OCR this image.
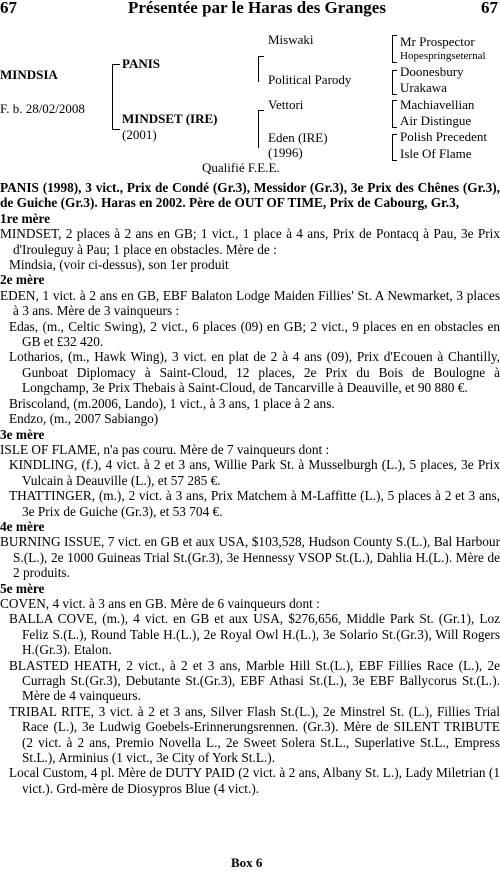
67	Présentée par le Haras des Granges	67
MINDSIA
F. b. 28/02/2008
PANIS
MINDSET (IRE)
(2001)
Miswaki
Political Parody
Vettori
Eden (IRE)
(1996)
Mr Prospector
Hopespringseternal
Doonesbury
Urakawa
Machiavellian
Air Distingue
Polish Precedent
Isle Of Flame
Qualifié F.E.E.

PANIS (1998), 3 vict., Prix de Condé (Gr.3), Messidor (Gr.3), 3e Prix des Chênes (Gr.3), de Guiche (Gr.3). Haras en 2002. Père de OUT OF TIME, Prix de Cabourg, Gr.3,

1re mère

MINDSET, 2 places à 2 ans en GB; 1 vict., 1 place à 4 ans, Prix de Pontacq à Pau, 3e Prix d'Irouleguy à Pau; 1 place en obstacles. Mère de :

Mindsia, (voir ci-dessus), son 1er produit

2e mère

EDEN, 1 vict. à 2 ans en GB, EBF Balaton Lodge Maiden Fillies' St. A Newmarket, 3 places à 3 ans. Mère de 3 vainqueurs :

Edas, (m., Celtic Swing), 2 vict., 6 places (09) en GB; 2 vict., 9 places en en obstacles en GB et £32 420.

Lotharios, (m., Hawk Wing), 3 vict. en plat de 2 à 4 ans (09), Prix d'Ecouen à Chantilly, Gunboat Diplomacy à Saint-Cloud, 12 places, 2e Prix du Bois de Boulogne à Longchamp, 3e Prix Thebais à Saint-Cloud, de Tancarville à Deauville, et 90 880 €.

Briscoland, (m.2006, Lando), 1 vict., à 3 ans, 1 place à 2 ans.

Endzo, (m., 2007 Sabiango)

3e mère

ISLE OF FLAME, n'a pas couru. Mère de 7 vainqueurs dont :

KINDLING, (f.), 4 vict. à 2 et 3 ans, Willie Park St. à Musselburgh (L.), 5 places, 3e Prix Vulcain à Deauville (L.), et 57 285 €.

THATTINGER, (m.), 2 vict. à 3 ans, Prix Matchem à M-Laffitte (L.), 5 places à 2 et 3 ans, 3e Prix de Guiche (Gr.3), et 53 704 €.

4e mère

BURNING ISSUE, 7 vict. en GB et aux USA, $103,528, Hudson County S.(L.), Bal Harbour S.(L.), 2e 1000 Guineas Trial St.(Gr.3), 3e Hennessy VSOP St.(L.), Dahlia H.(L.). Mère de 2 produits.

5e mère

COVEN, 4 vict. à 3 ans en GB. Mère de 6 vainqueurs dont :

BALLA COVE, (m.), 4 vict. en GB et aux USA, $276,656, Middle Park St. (Gr.1), Loz Feliz S.(L.), Round Table H.(L.), 2e Royal Owl H.(L.), 3e Solario St.(Gr.3), Will Rogers H.(Gr.3). Etalon.

BLASTED HEATH, 2 vict., à 2 et 3 ans, Marble Hill St.(L.), EBF Fillies Race (L.), 2e Curragh St.(Gr.3), Debutante St.(Gr.3), EBF Athasi St.(L.), 3e EBF Ballycorus St.(L.). Mère de 4 vainqueurs.

TRIBAL RITE, 3 vict. à 2 et 3 ans, Silver Flash St.(L.), 2e Minstrel St. (L.), Fillies Trial Race (L.), 3e Ludwig Goebels-Erinnerungsrennen. (Gr.3). Mère de SILENT TRIBUTE (2 vict. à 2 ans, Premio Novella L., 2e Sweet Solera St.L., Superlative St.L., Empress St.L.), Arminius (1 vict., 3e City of York St.L.).

Local Custom, 4 pl. Mère de DUTY PAID (2 vict. à 2 ans, Albany St. L.), Lady Miletrian (1 vict.). Grd-mère de Diosypros Blue (4 vict.).

Box 6
